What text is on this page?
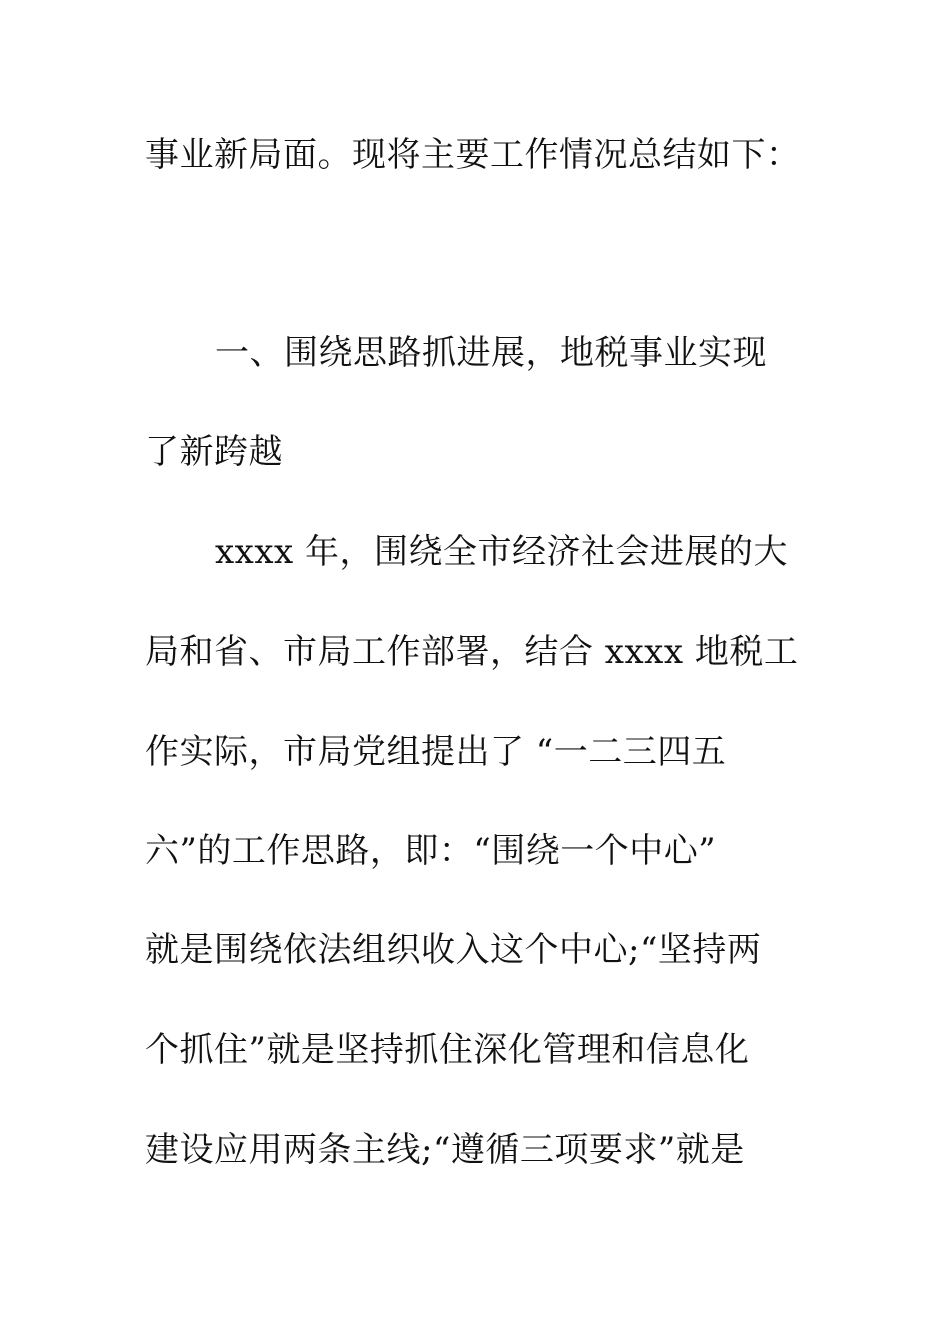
事业新局面。现将主要工作情况总结如下：
一、围绕思路抓进展，地税事业实现
了新跨越
xxxx 年，围绕全市经济社会进展的大
局和省、市局工作部署，结合 xxxx 地税工
作实际，市局党组提出了 “一二三四五
六”的工作思路，即：“围绕一个中心”
就是围绕依法组织收入这个中心;“坚持两
个抓住”就是坚持抓住深化管理和信息化
建设应用两条主线;“遵循三项要求”就是
